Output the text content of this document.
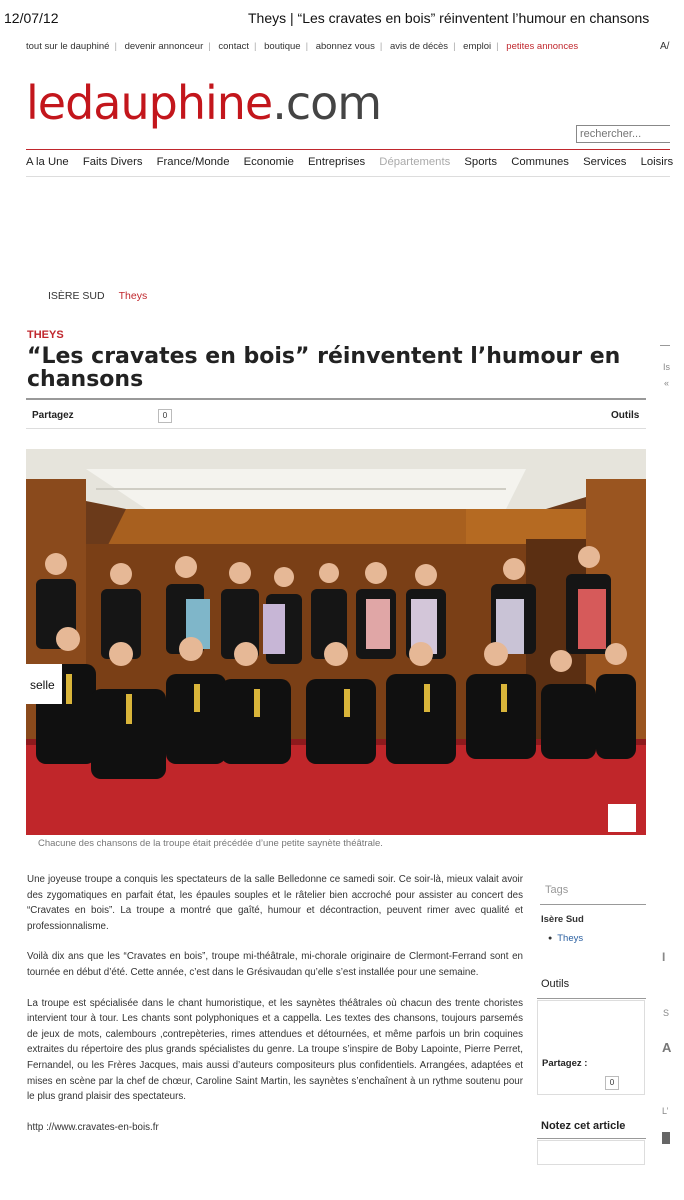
12/07/12	Theys | “Les cravates en bois” réinventent l’humour en chansons
tout sur le dauphiné | devenir annonceur | contact | boutique | abonnez vous | avis de décès | emploi | petites annonces	A/
ledauphine.com
rechercher...
A la Une Faits Divers France/Monde Economie Entreprises Départements Sports Communes Services Loisirs
ISÈRE SUD Theys
THEYS
“Les cravates en bois” réinventent l’humour en chansons
Partagez	0	Outils
selle
Chacune des chansons de la troupe était précédée d’une petite saynète théâtrale.

Une joyeuse troupe a conquis les spectateurs de la salle Belledonne ce samedi soir. Ce soir-là, mieux valait avoir des zygomatiques en parfait état, les épaules souples et le râtelier bien accroché pour assister au concert des “Cravates en bois”. La troupe a montré que gaîté, humour et décontraction, peuvent rimer avec qualité et professionnalisme.

Voilà dix ans que les “Cravates en bois”, troupe mi-théâtrale, mi-chorale originaire de Clermont-Ferrand sont en tournée en début d’été. Cette année, c’est dans le Grésivaudan qu’elle s’est installée pour une semaine.

La troupe est spécialisée dans le chant humoristique, et les saynètes théâtrales où chacun des trente choristes intervient tour à tour. Les chants sont polyphoniques et a cappella. Les textes des chansons, toujours parsemés de jeux de mots, calembours ,contrepèteries, rimes attendues et détournées, et même parfois un brin coquines extraites du répertoire des plus grands spécialistes du genre. La troupe s’inspire de Boby Lapointe, Pierre Perret, Fernandel, ou les Frères Jacques, mais aussi d’auteurs compositeurs plus confidentiels. Arrangées, adaptées et mises en scène par la chef de chœur, Caroline Saint Martin, les saynètes s’enchaînent à un rythme soutenu pour le plus grand plaisir des spectateurs.

http ://www.cravates-en-bois.fr

Tags
Isère Sud
● Theys
Outils
Partagez :
0
Notez cet article
Is
«
I
S
A
L’
